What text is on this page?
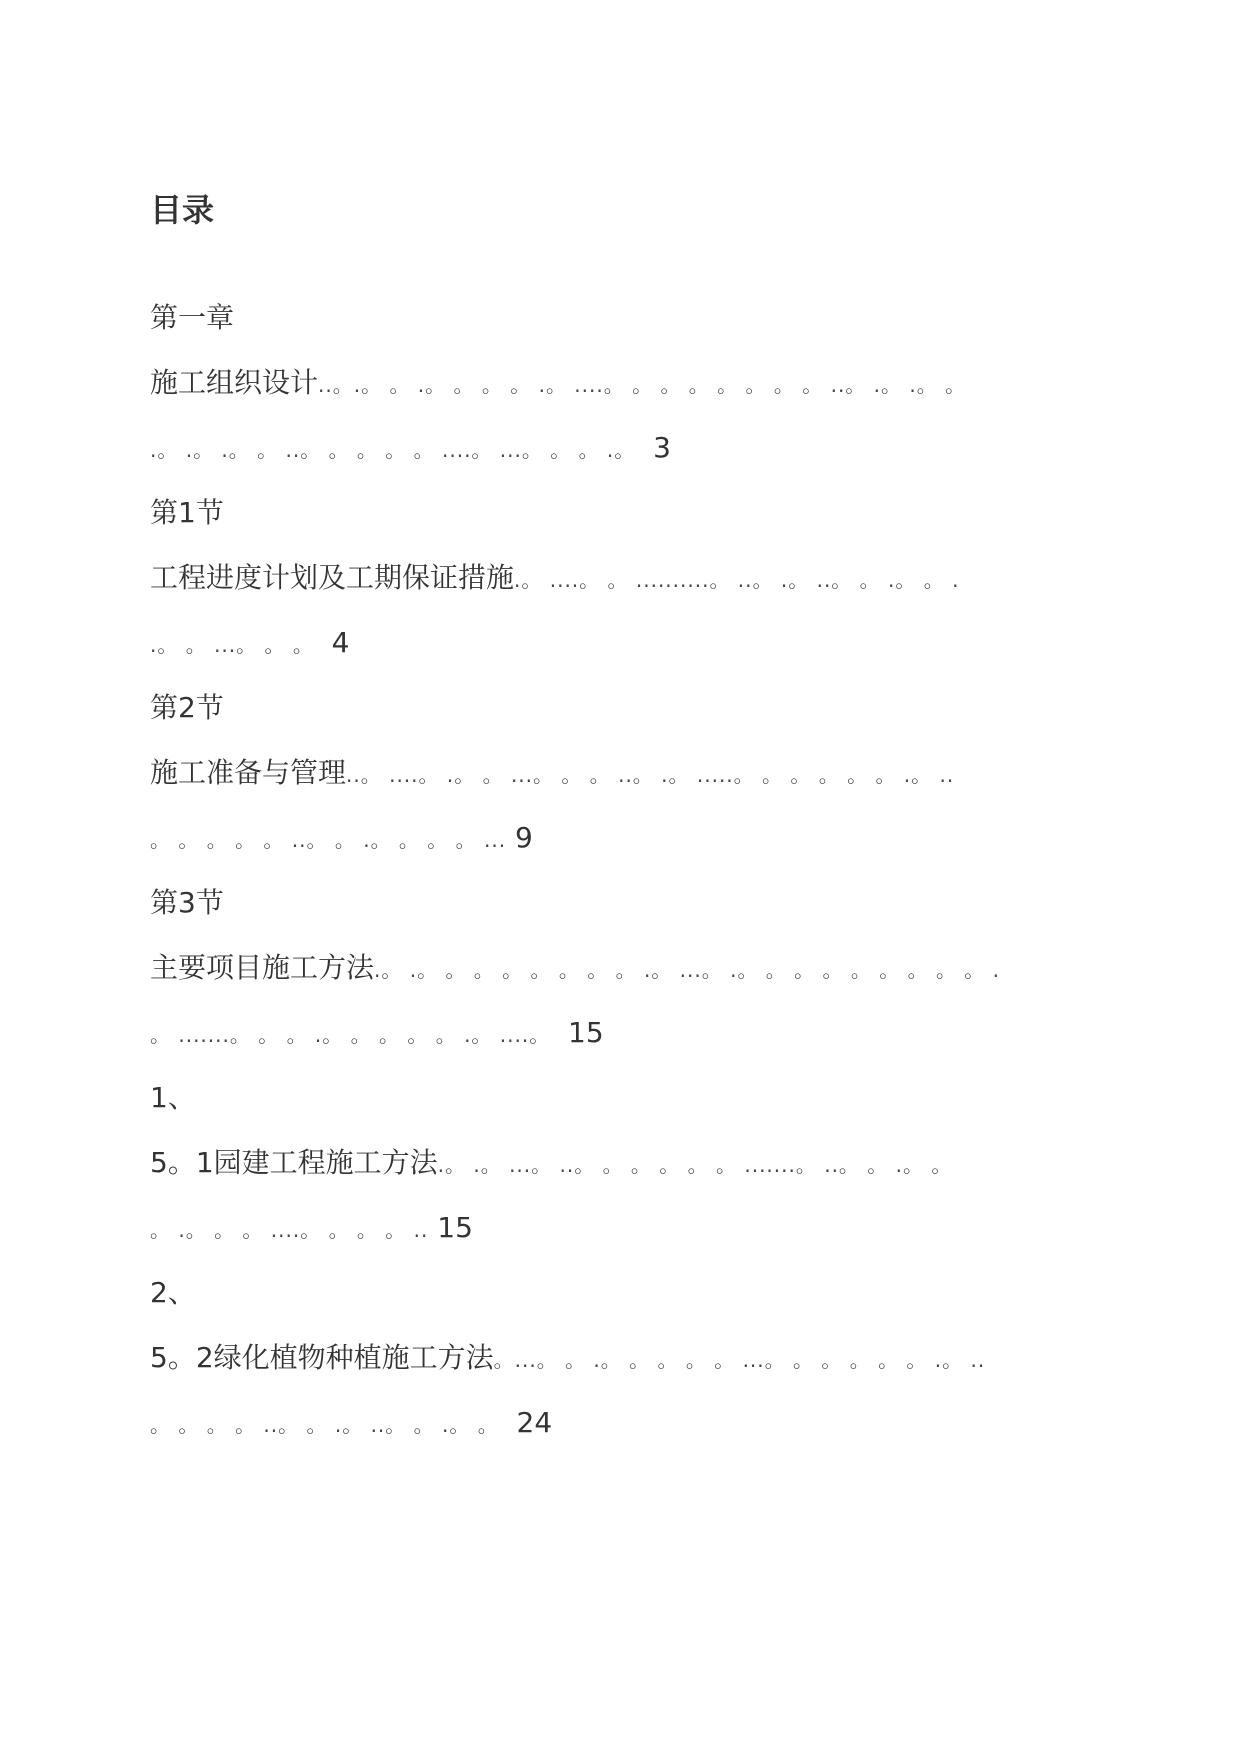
目录
第一章
施工组织设计..。.。 。 .。 。 。 。 .。 ....。 。 。 。 。 。 。 。 ..。 .。 .。 。
.。 .。 .。 。 ..。 。 。 。 。 ....。 ...。 。 。 .。 3
第1节
工程进度计划及工期保证措施.。 ....。 。 ..........。 ..。 .。 ..。 。 .。 。 .
.。 。 ...。 。 。 4
第2节
施工准备与管理..。 ....。 .。 。 ...。 。 。 ..。 .。 .....。 。 。 。 。 。 .。 ..
。 。 。 。 。 ..。 。 .。 。 。 。 ... 9
第3节
主要项目施工方法.。 .。 。 。 。 。 。 。 。 .。 ...。 .。 。 。 。 。 。 。 。 。 .
。 .......。 。 。 .。 。 。 。 。 .。 ....。 15
1、
5。1园建工程施工方法.。 .。 ...。 ..。 。 。 。 。 。 .......。 ..。 。 .。 。
。 .。 。 。 ....。 。 。 。 .. 15
2、
5。2绿化植物种植施工方法。...。 。 .。 。 。 。 。 ...。 。 。 。 。 。 .。 ..
。 。 。 。 ..。 。 .。 ..。 。 .。 。 24
